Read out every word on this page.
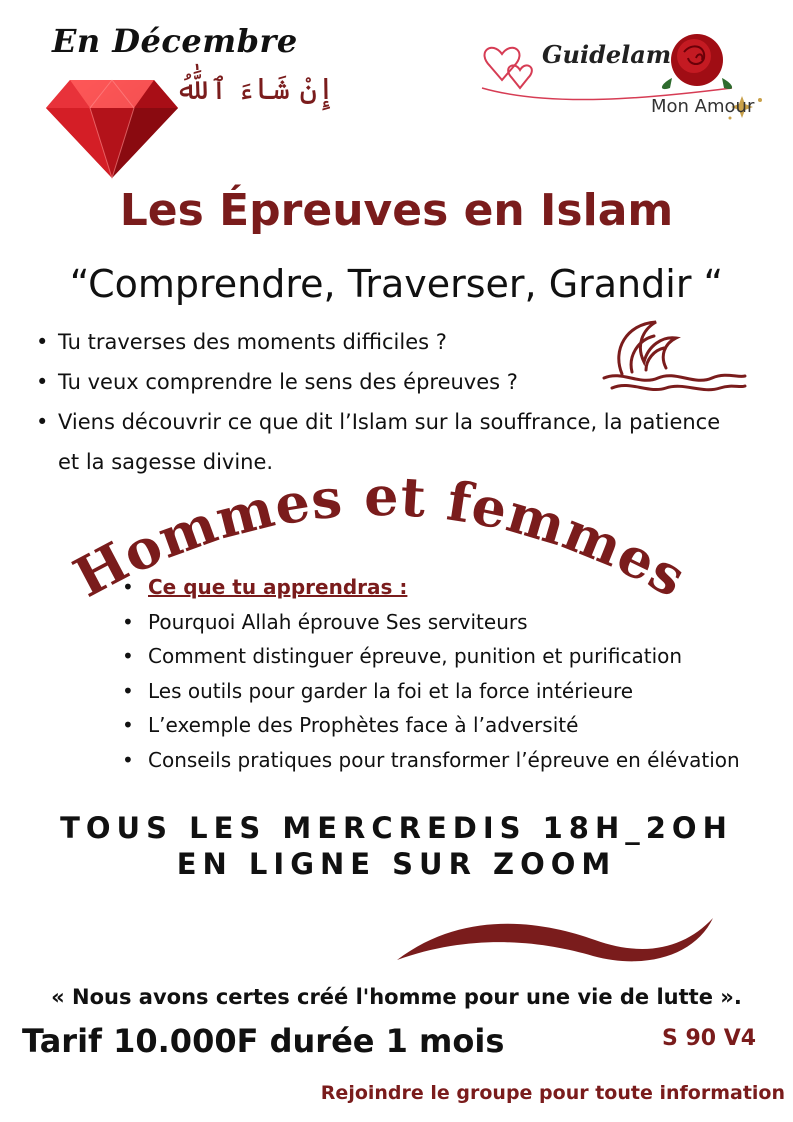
En Décembre
إِنْ شَاءَ ٱللَّٰهُ
Guidelam
Mon Amour
Les Épreuves en Islam
“Comprendre, Traverser, Grandir “
• Tu traverses des moments difficiles ?
• Tu veux comprendre le sens des épreuves ?
• Viens découvrir ce que dit l’Islam sur la souffrance, la patience et la sagesse divine.
Hommes et femmes
• Ce que tu apprendras :
• Pourquoi Allah éprouve Ses serviteurs
• Comment distinguer épreuve, punition et purification
• Les outils pour garder la foi et la force intérieure
• L’exemple des Prophètes face à l’adversité
• Conseils pratiques pour transformer l’épreuve en élévation
TOUS LES MERCREDIS 18H_2OH
EN LIGNE SUR ZOOM
« Nous avons certes créé l'homme pour une vie de lutte ».
Tarif 10.000F durée 1 mois	S 90 V4
Rejoindre le groupe pour toute information
